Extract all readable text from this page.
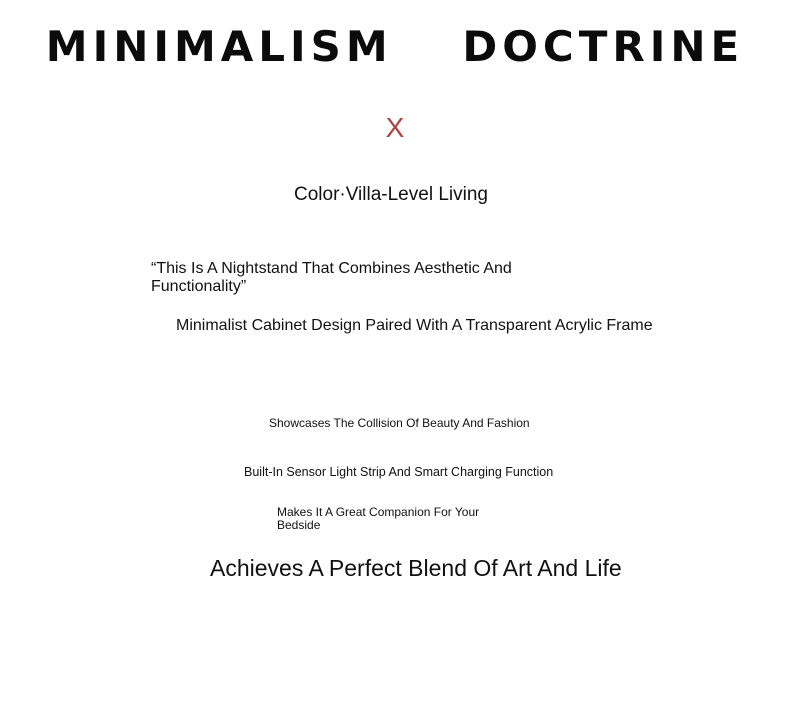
MINIMALISM DOCTRINE
X
Color·Villa-Level Living
“This Is A Nightstand That Combines Aesthetic And Functionality”
Minimalist Cabinet Design Paired With A Transparent Acrylic Frame
Showcases The Collision Of Beauty And Fashion
Built-In Sensor Light Strip And Smart Charging Function
Makes It A Great Companion For Your Bedside
Achieves A Perfect Blend Of Art And Life
